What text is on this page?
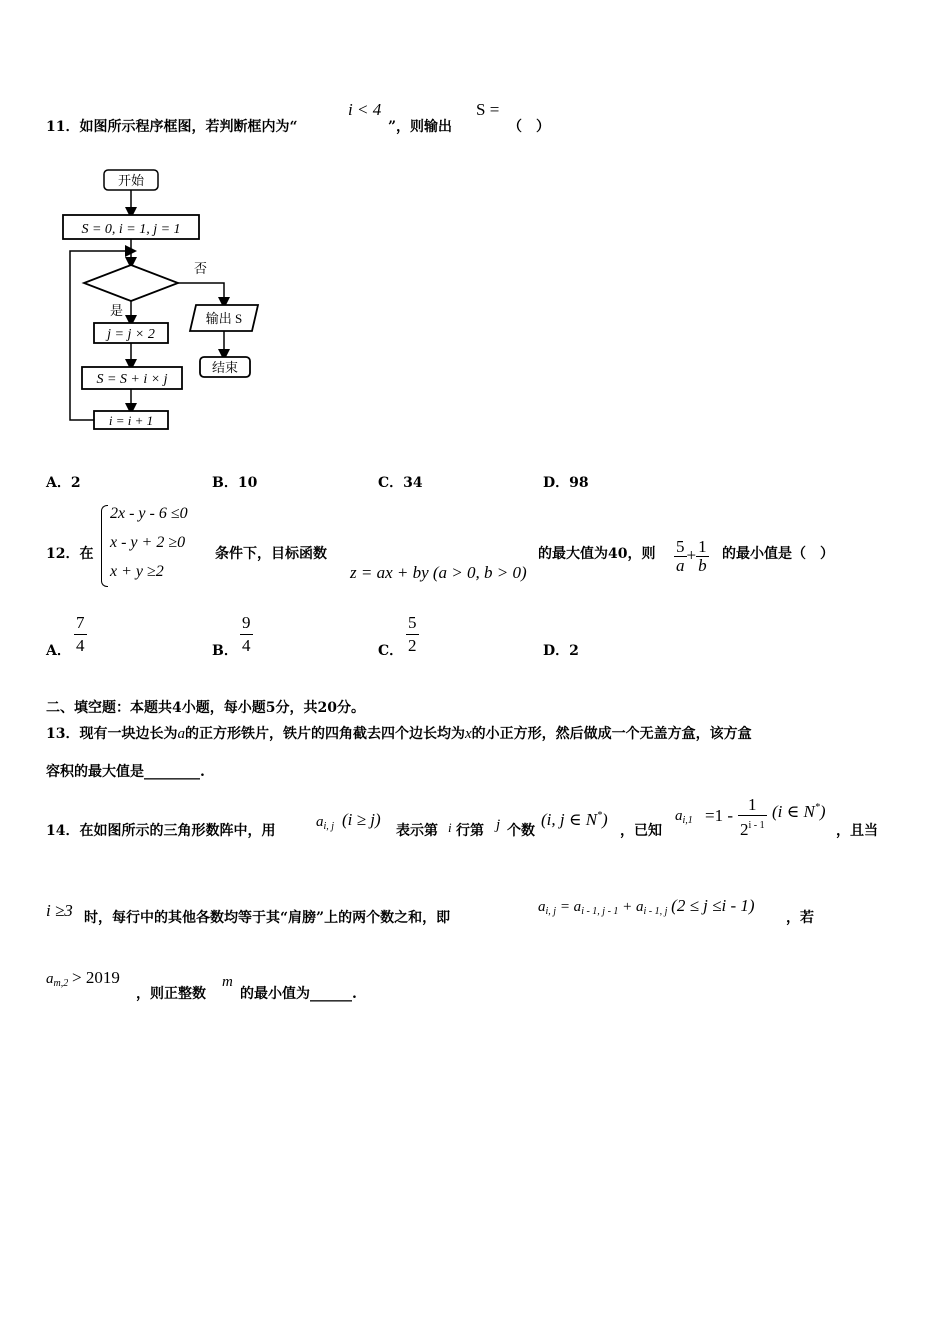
11．如图所示程序框图，若判断框内为“
i < 4
”，则输出
S =
（　）
开始
S = 0, i = 1, j = 1
否
是
输出 S
结束
j = j × 2
S = S + i × j
i = i + 1
A．2	B．10	C．34	D．98
12．在
2x - y - 6 ≤0
x - y + 2 ≥0
x + y ≥2
条件下，目标函数
z = ax + by (a > 0, b > 0)
的最大值为40，则 $\frac{5}{a} + \frac{1}{b}$ 的最小值是（　）
A． $\frac{7}{4}$	B． $\frac{9}{4}$	C． $\frac{5}{2}$	D．2
二、填空题：本题共4小题，每小题5分，共20分。
13．现有一块边长为a的正方形铁片，铁片的四角截去四个边长均为x的小正方形，然后做成一个无盖方盒，该方盒
容积的最大值是________.
14．在如图所示的三角形数阵中，用
$a_{i, j}$ (i ≥ j)
表示第 i 行第 j 个数
(i, j ∈ N*)
，已知
$a_{i,1} =1 - \frac{1}{2^{i - 1}} (i$ ∈ N*)
，且当
i ≥3 时，每行中的其他各数均等于其“肩膀”上的两个数之和，即
$a_{i, j} = a_{i - 1, j - 1} + a_{i - 1, j}$ (2 ≤ j ≤i - 1)
，若
$a_{m,2} > 2019$
，则正整数
m
的最小值为______.
